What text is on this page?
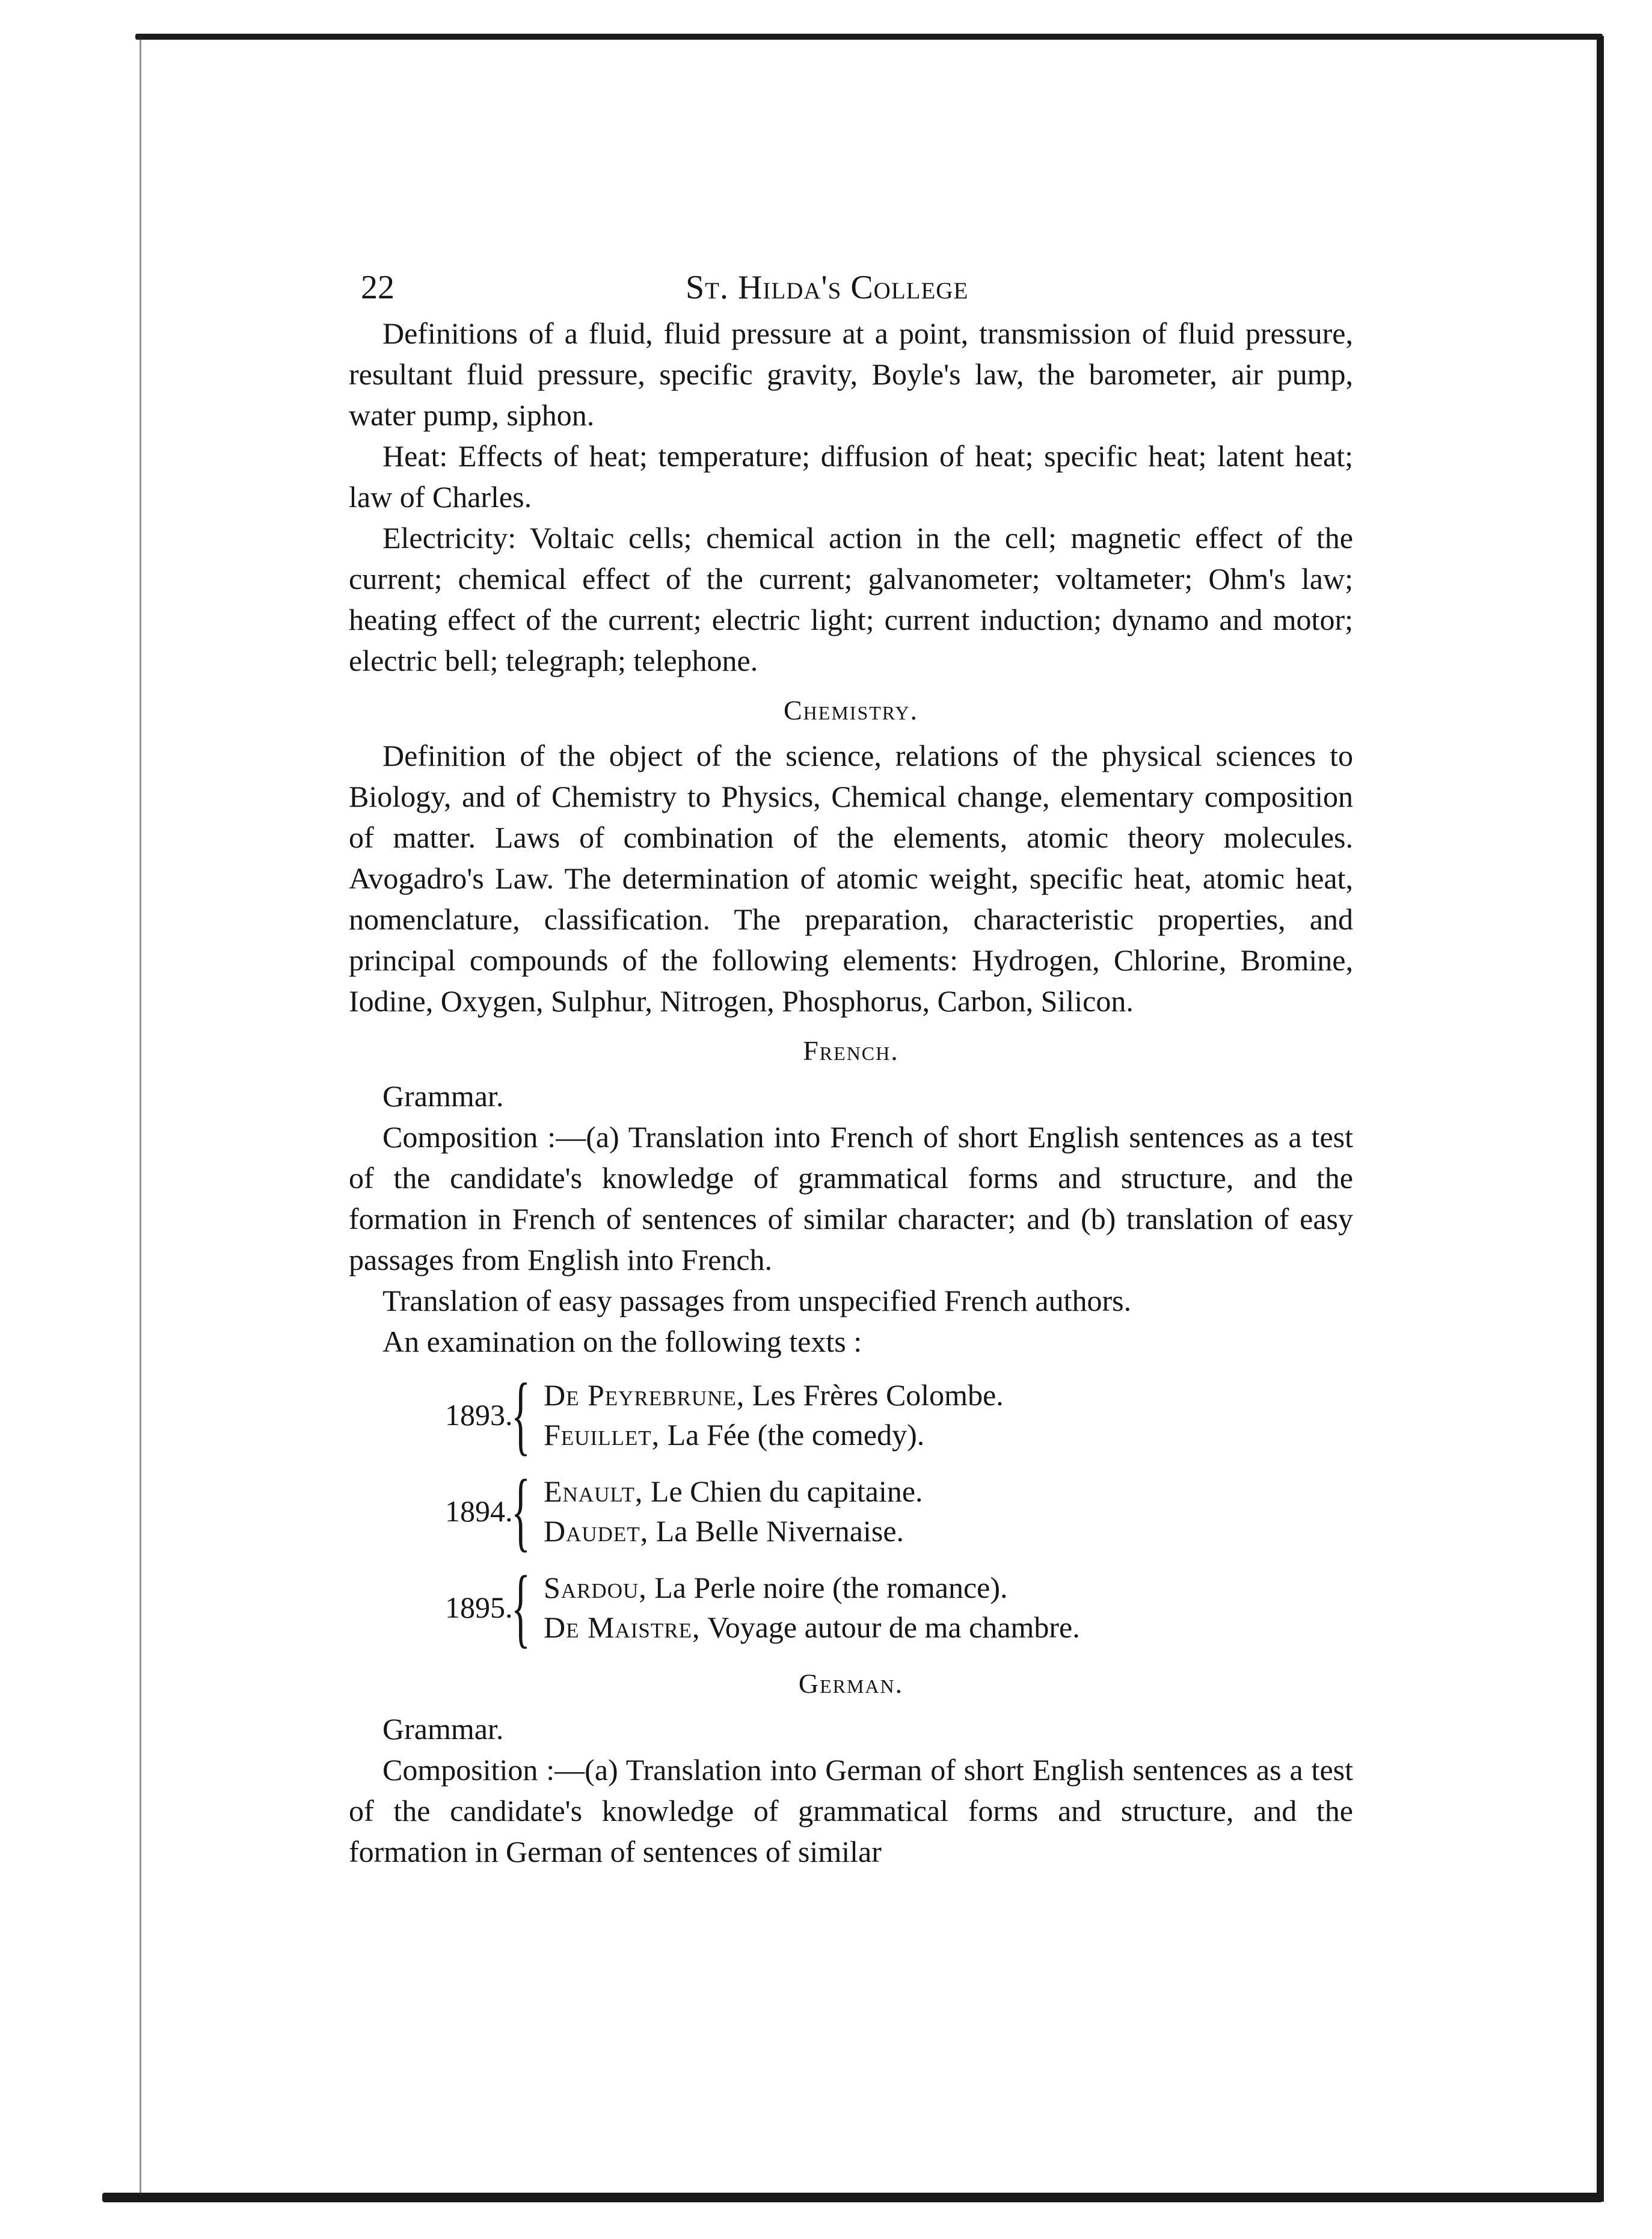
22	St. Hilda's College

Definitions of a fluid, fluid pressure at a point, transmission of fluid pressure, resultant fluid pressure, specific gravity, Boyle's law, the barometer, air pump, water pump, siphon.

Heat: Effects of heat; temperature; diffusion of heat; specific heat; latent heat; law of Charles.

Electricity: Voltaic cells; chemical action in the cell; magnetic effect of the current; chemical effect of the current; galvanometer; voltameter; Ohm's law; heating effect of the current; electric light; current induction; dynamo and motor; electric bell; telegraph; telephone.

Chemistry.

Definition of the object of the science, relations of the physical sciences to Biology, and of Chemistry to Physics, Chemical change, elementary composition of matter. Laws of combination of the elements, atomic theory molecules. Avogadro's Law. The determination of atomic weight, specific heat, atomic heat, nomenclature, classification. The preparation, characteristic properties, and principal compounds of the following elements: Hydrogen, Chlorine, Bromine, Iodine, Oxygen, Sulphur, Nitrogen, Phosphorus, Carbon, Silicon.

French.
Grammar.

Composition :—(a) Translation into French of short English sentences as a test of the candidate's knowledge of grammatical forms and structure, and the formation in French of sentences of similar character; and (b) translation of easy passages from English into French.

Translation of easy passages from unspecified French authors.
An examination on the following texts :
1893.
{ De Peyrebrune, Les Frères Colombe.
Feuillet, La Fée (the comedy).
1894.
{ Enault, Le Chien du capitaine.
Daudet, La Belle Nivernaise.
1895.
{ Sardou, La Perle noire (the romance).
De Maistre, Voyage autour de ma chambre.
German.
Grammar.

Composition :—(a) Translation into German of short English sentences as a test of the candidate's knowledge of grammatical forms and structure, and the formation in German of sentences of similar
